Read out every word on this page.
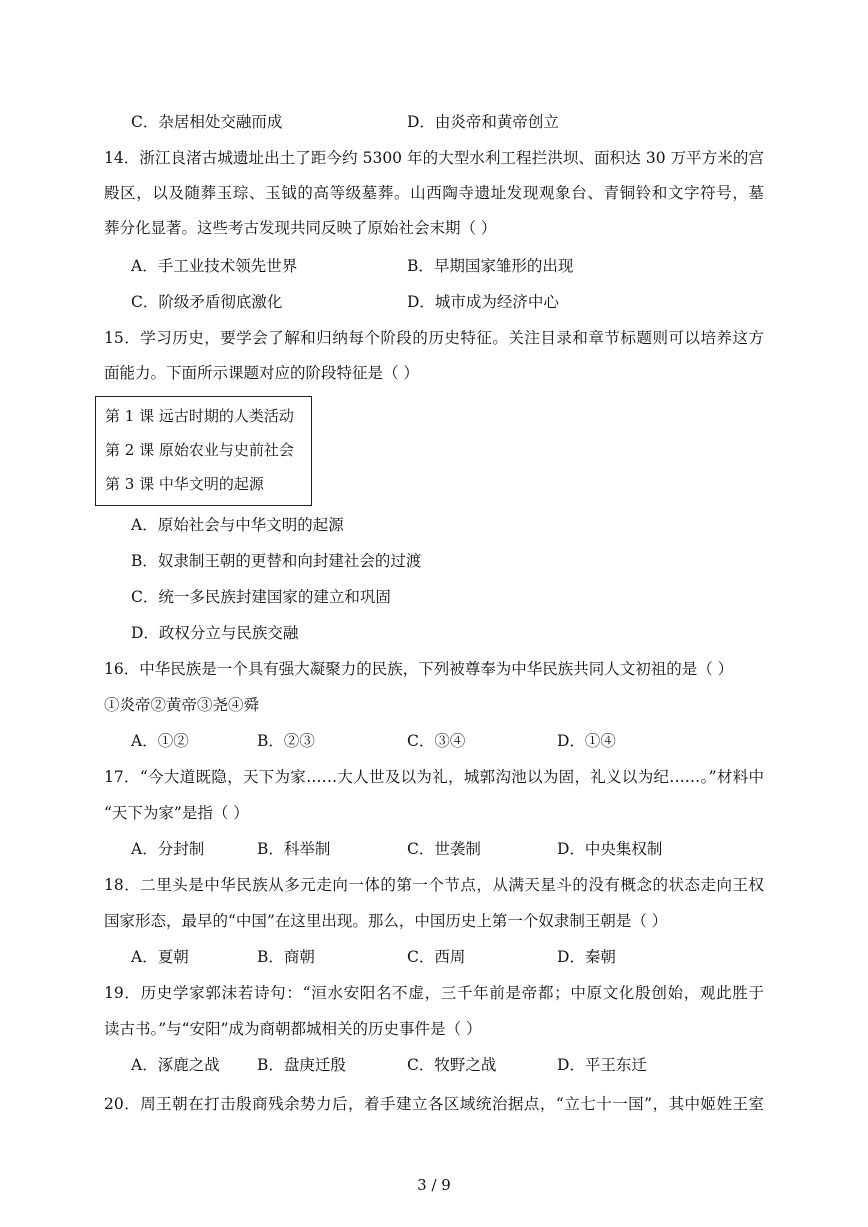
C．杂居相处交融而成	D．由炎帝和黄帝创立
14．浙江良渚古城遗址出土了距今约 5300 年的大型水利工程拦洪坝、面积达 30 万平方米的宫
殿区，以及随葬玉琮、玉钺的高等级墓葬。山西陶寺遗址发现观象台、青铜铃和文字符号，墓
葬分化显著。这些考古发现共同反映了原始社会末期（ ）
A．手工业技术领先世界	B．早期国家雏形的出现
C．阶级矛盾彻底激化	D．城市成为经济中心
15．学习历史，要学会了解和归纳每个阶段的历史特征。关注目录和章节标题则可以培养这方
面能力。下面所示课题对应的阶段特征是（ ）
第 1 课 远古时期的人类活动
第 2 课 原始农业与史前社会
第 3 课 中华文明的起源
A．原始社会与中华文明的起源
B．奴隶制王朝的更替和向封建社会的过渡
C．统一多民族封建国家的建立和巩固
D．政权分立与民族交融
16．中华民族是一个具有强大凝聚力的民族，下列被尊奉为中华民族共同人文初祖的是（ ）
①炎帝②黄帝③尧④舜
A．①②	B．②③	C．③④	D．①④
17．“今大道既隐，天下为家……大人世及以为礼，城郭沟池以为固，礼义以为纪……。”材料中
“天下为家”是指（ ）
A．分封制	B．科举制	C．世袭制	D．中央集权制
18．二里头是中华民族从多元走向一体的第一个节点，从满天星斗的没有概念的状态走向王权
国家形态，最早的“中国”在这里出现。那么，中国历史上第一个奴隶制王朝是（ ）
A．夏朝	B．商朝	C．西周	D．秦朝
19．历史学家郭沫若诗句：“洹水安阳名不虚，三千年前是帝都；中原文化殷创始，观此胜于
读古书。”与“安阳”成为商朝都城相关的历史事件是（ ）
A．涿鹿之战 B．盘庚迁殷	C．牧野之战	D．平王东迁
20．周王朝在打击殷商残余势力后，着手建立各区域统治据点，“立七十一国”，其中姬姓王室
3 / 9
